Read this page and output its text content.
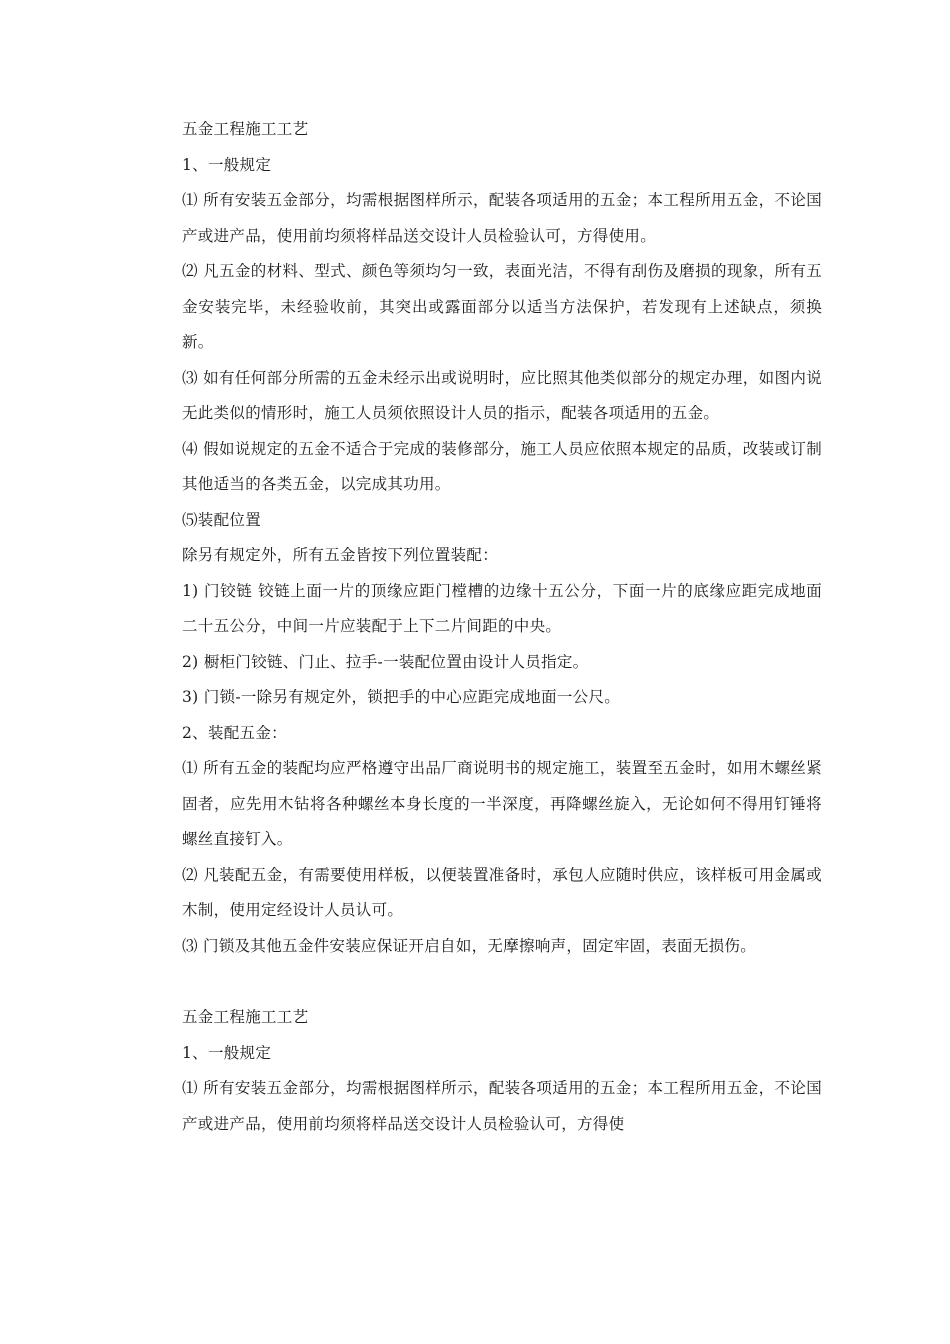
五金工程施工工艺

1、一般规定

⑴ 所有安装五金部分，均需根据图样所示，配装各项适用的五金；本工程所用五金，不论国产或进产品，使用前均须将样品送交设计人员检验认可，方得使用。

⑵ 凡五金的材料、型式、颜色等须均匀一致，表面光洁，不得有刮伤及磨损的现象，所有五金安装完毕，未经验收前，其突出或露面部分以适当方法保护，若发现有上述缺点，须换新。

⑶ 如有任何部分所需的五金未经示出或说明时，应比照其他类似部分的规定办理，如图内说无此类似的情形时，施工人员须依照设计人员的指示，配装各项适用的五金。

⑷ 假如说规定的五金不适合于完成的装修部分，施工人员应依照本规定的品质，改装或订制其他适当的各类五金，以完成其功用。

⑸装配位置

除另有规定外，所有五金皆按下列位置装配：

1) 门铰链 铰链上面一片的顶缘应距门樘槽的边缘十五公分，下面一片的底缘应距完成地面二十五公分，中间一片应装配于上下二片间距的中央。

2) 橱柜门铰链、门止、拉手-一装配位置由设计人员指定。

3) 门锁-一除另有规定外，锁把手的中心应距完成地面一公尺。

2、装配五金：

⑴ 所有五金的装配均应严格遵守出品厂商说明书的规定施工，装置至五金时，如用木螺丝紧固者，应先用木钻将各种螺丝本身长度的一半深度，再降螺丝旋入，无论如何不得用钉锤将螺丝直接钉入。

⑵ 凡装配五金，有需要使用样板，以便装置准备时，承包人应随时供应，该样板可用金属或木制，使用定经设计人员认可。

⑶ 门锁及其他五金件安装应保证开启自如，无摩擦响声，固定牢固，表面无损伤。

五金工程施工工艺

1、一般规定

⑴ 所有安装五金部分，均需根据图样所示，配装各项适用的五金；本工程所用五金，不论国产或进产品，使用前均须将样品送交设计人员检验认可，方得使
